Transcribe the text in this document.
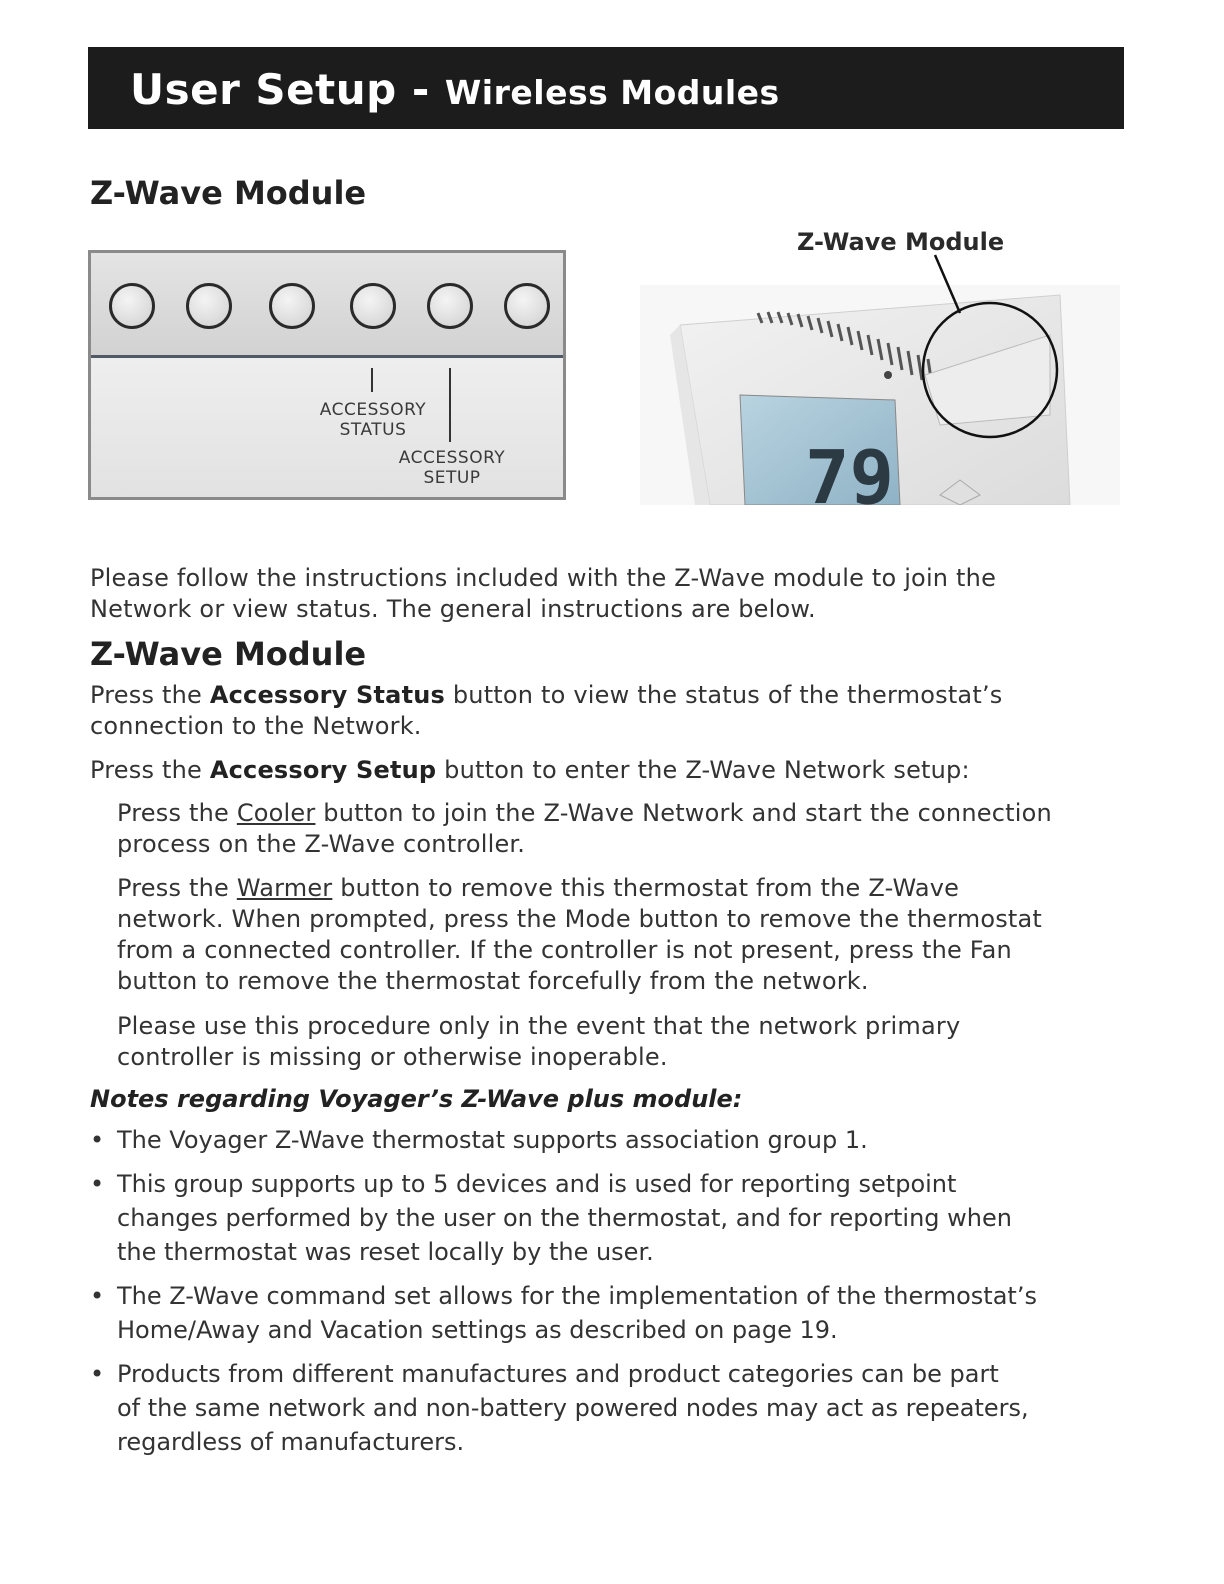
User Setup - Wireless Modules
Z-Wave Module
ACCESSORY
STATUS
ACCESSORY
SETUP
Z-Wave Module
79
Please follow the instructions included with the Z-Wave module to join the
Network or view status. The general instructions are below.
Z-Wave Module
Press the Accessory Status button to view the status of the thermostat’s
connection to the Network.
Press the Accessory Setup button to enter the Z-Wave Network setup:
Press the Cooler button to join the Z-Wave Network and start the connection
process on the Z-Wave controller.
Press the Warmer button to remove this thermostat from the Z-Wave
network. When prompted, press the Mode button to remove the thermostat
from a connected controller. If the controller is not present, press the Fan
button to remove the thermostat forcefully from the network.
Please use this procedure only in the event that the network primary
controller is missing or otherwise inoperable.
Notes regarding Voyager’s Z-Wave plus module:
• The Voyager Z-Wave thermostat supports association group 1.
• This group supports up to 5 devices and is used for reporting setpoint
changes performed by the user on the thermostat, and for reporting when
the thermostat was reset locally by the user.
• The Z-Wave command set allows for the implementation of the thermostat’s
Home/Away and Vacation settings as described on page 19.
• Products from different manufactures and product categories can be part
of the same network and non-battery powered nodes may act as repeaters,
regardless of manufacturers.
